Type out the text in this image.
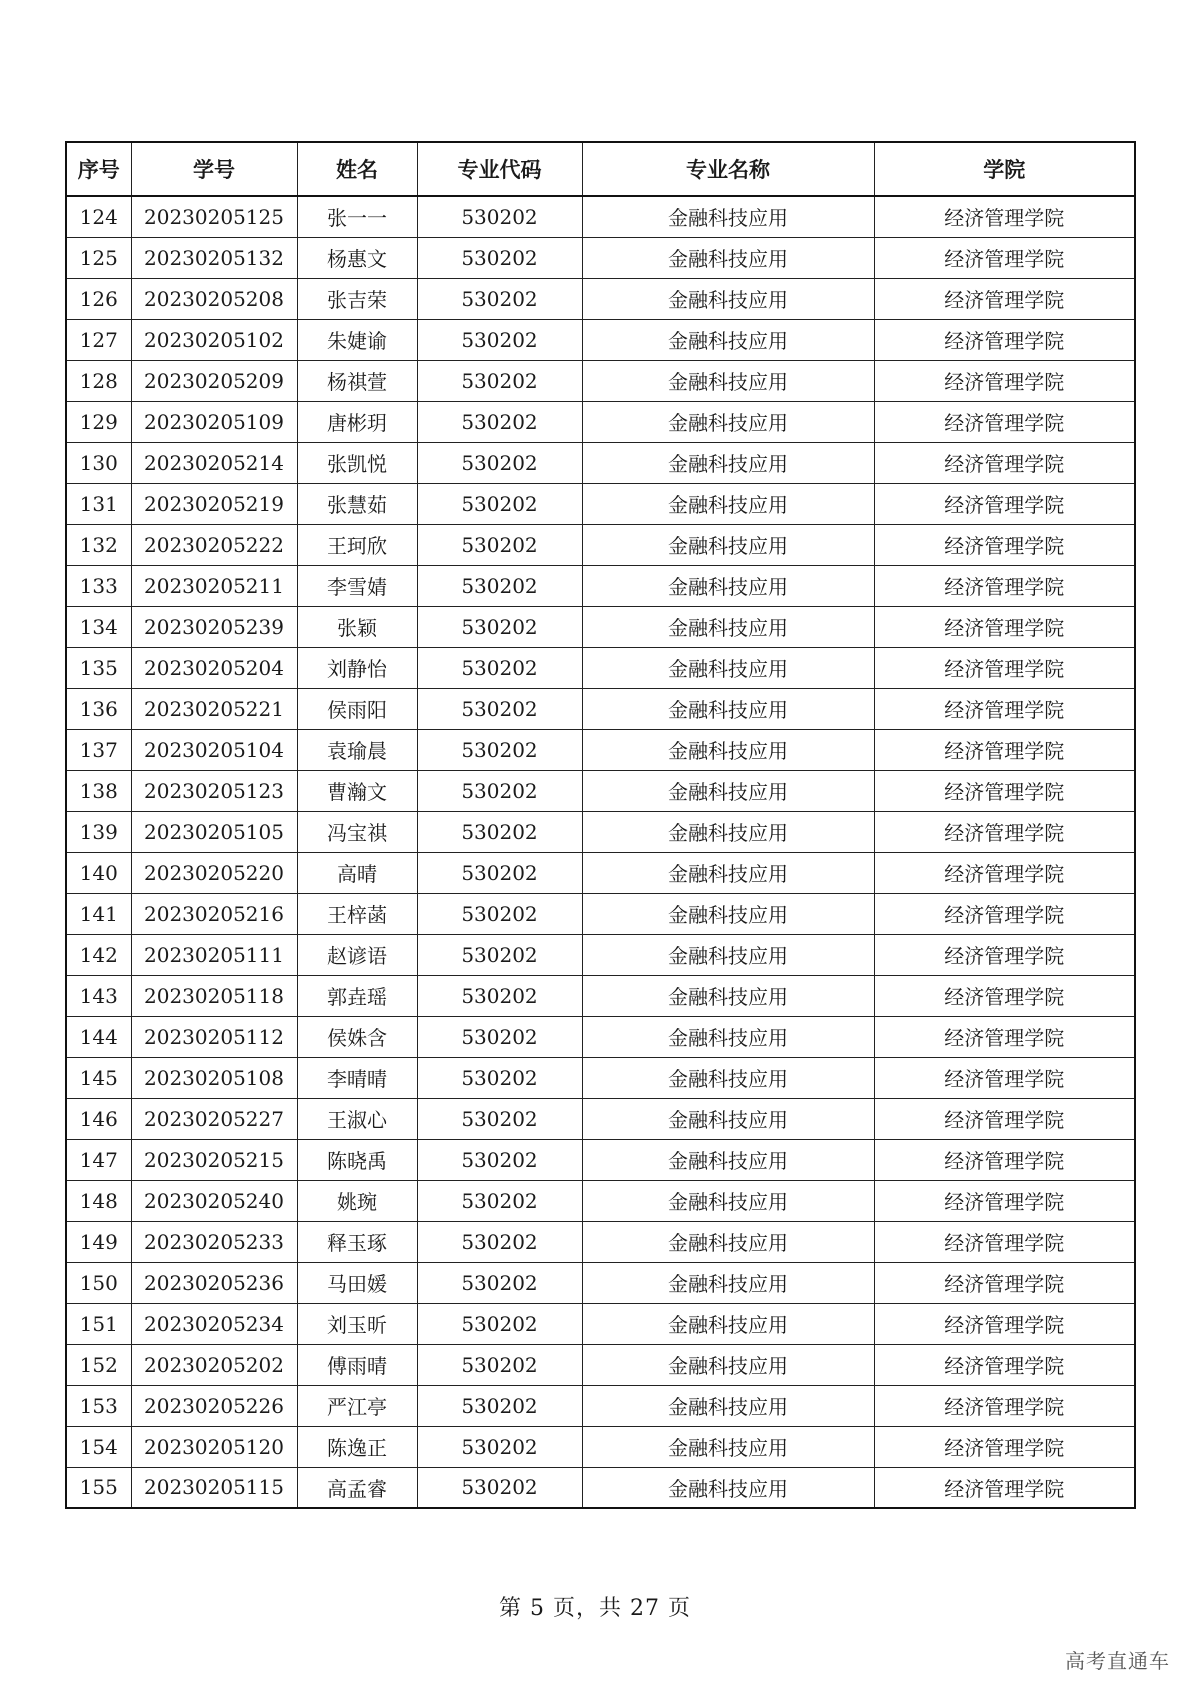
序号	学号	姓名	专业代码	专业名称	学院
124	20230205125	张一一	530202	金融科技应用	经济管理学院
125	20230205132	杨惠文	530202	金融科技应用	经济管理学院
126	20230205208	张吉荣	530202	金融科技应用	经济管理学院
127	20230205102	朱婕谕	530202	金融科技应用	经济管理学院
128	20230205209	杨祺萱	530202	金融科技应用	经济管理学院
129	20230205109	唐彬玥	530202	金融科技应用	经济管理学院
130	20230205214	张凯悦	530202	金融科技应用	经济管理学院
131	20230205219	张慧茹	530202	金融科技应用	经济管理学院
132	20230205222	王珂欣	530202	金融科技应用	经济管理学院
133	20230205211	李雪婧	530202	金融科技应用	经济管理学院
134	20230205239	张颖	530202	金融科技应用	经济管理学院
135	20230205204	刘静怡	530202	金融科技应用	经济管理学院
136	20230205221	侯雨阳	530202	金融科技应用	经济管理学院
137	20230205104	袁瑜晨	530202	金融科技应用	经济管理学院
138	20230205123	曹瀚文	530202	金融科技应用	经济管理学院
139	20230205105	冯宝祺	530202	金融科技应用	经济管理学院
140	20230205220	高晴	530202	金融科技应用	经济管理学院
141	20230205216	王梓菡	530202	金融科技应用	经济管理学院
142	20230205111	赵谚语	530202	金融科技应用	经济管理学院
143	20230205118	郭垚瑶	530202	金融科技应用	经济管理学院
144	20230205112	侯姝含	530202	金融科技应用	经济管理学院
145	20230205108	李晴晴	530202	金融科技应用	经济管理学院
146	20230205227	王淑心	530202	金融科技应用	经济管理学院
147	20230205215	陈晓禹	530202	金融科技应用	经济管理学院
148	20230205240	姚琬	530202	金融科技应用	经济管理学院
149	20230205233	释玉琢	530202	金融科技应用	经济管理学院
150	20230205236	马田媛	530202	金融科技应用	经济管理学院
151	20230205234	刘玉昕	530202	金融科技应用	经济管理学院
152	20230205202	傅雨晴	530202	金融科技应用	经济管理学院
153	20230205226	严江亭	530202	金融科技应用	经济管理学院
154	20230205120	陈逸正	530202	金融科技应用	经济管理学院
155	20230205115	高孟睿	530202	金融科技应用	经济管理学院
第 5 页，共 27 页
高考直通车
